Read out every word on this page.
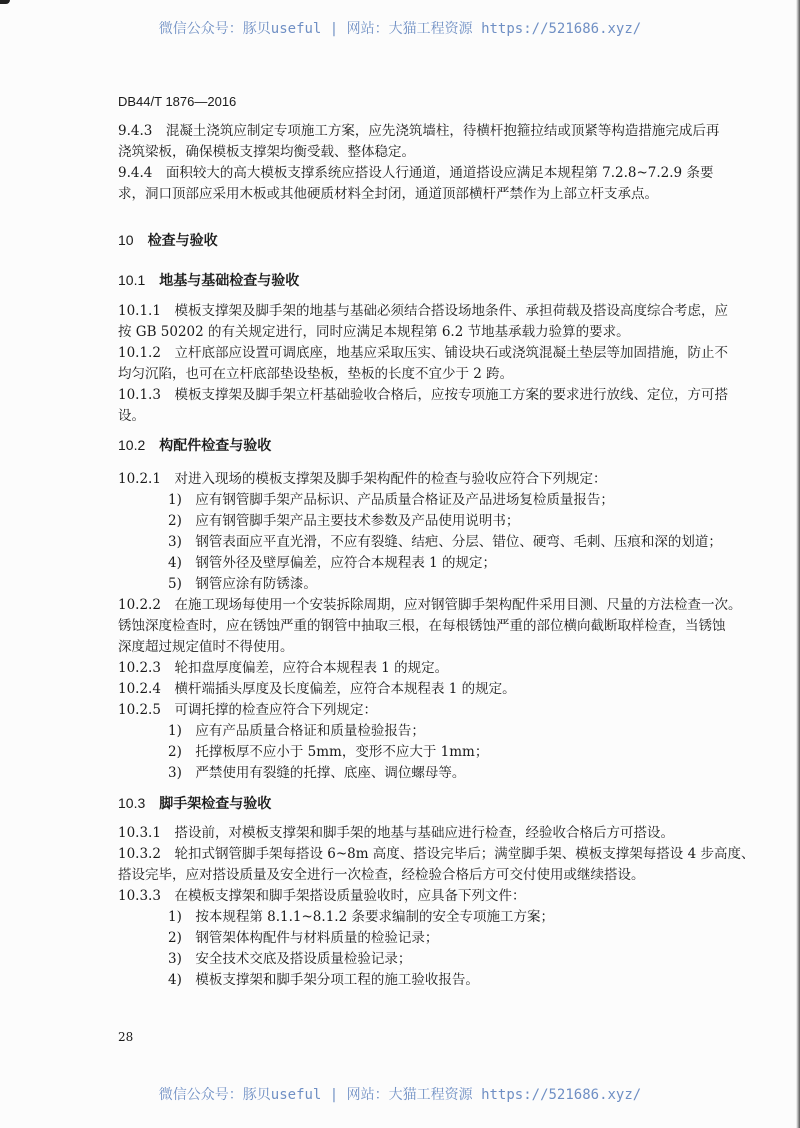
微信公众号：豚贝useful | 网站：大猫工程资源 https://521686.xyz/
DB44/T 1876—2016
9.4.3　混凝土浇筑应制定专项施工方案，应先浇筑墙柱，待横杆抱箍拉结或顶紧等构造措施完成后再
浇筑梁板，确保模板支撑架均衡受载、整体稳定。
9.4.4　面积较大的高大模板支撑系统应搭设人行通道，通道搭设应满足本规程第 7.2.8~7.2.9 条要
求，洞口顶部应采用木板或其他硬质材料全封闭，通道顶部横杆严禁作为上部立杆支承点。
10　检查与验收
10.1　地基与基础检查与验收
10.1.1　模板支撑架及脚手架的地基与基础必须结合搭设场地条件、承担荷载及搭设高度综合考虑，应
按 GB 50202 的有关规定进行，同时应满足本规程第 6.2 节地基承载力验算的要求。
10.1.2　立杆底部应设置可调底座，地基应采取压实、铺设块石或浇筑混凝土垫层等加固措施，防止不
均匀沉陷，也可在立杆底部垫设垫板，垫板的长度不宜少于 2 跨。
10.1.3　模板支撑架及脚手架立杆基础验收合格后，应按专项施工方案的要求进行放线、定位，方可搭
设。
10.2　构配件检查与验收
10.2.1　对进入现场的模板支撑架及脚手架构配件的检查与验收应符合下列规定：
1)　应有钢管脚手架产品标识、产品质量合格证及产品进场复检质量报告；
2)　应有钢管脚手架产品主要技术参数及产品使用说明书；
3)　钢管表面应平直光滑，不应有裂缝、结疤、分层、错位、硬弯、毛刺、压痕和深的划道；
4)　钢管外径及壁厚偏差，应符合本规程表 1 的规定；
5)　钢管应涂有防锈漆。
10.2.2　在施工现场每使用一个安装拆除周期，应对钢管脚手架构配件采用目测、尺量的方法检查一次。
锈蚀深度检查时，应在锈蚀严重的钢管中抽取三根，在每根锈蚀严重的部位横向截断取样检查，当锈蚀
深度超过规定值时不得使用。
10.2.3　轮扣盘厚度偏差，应符合本规程表 1 的规定。
10.2.4　横杆端插头厚度及长度偏差，应符合本规程表 1 的规定。
10.2.5　可调托撑的检查应符合下列规定：
1)　应有产品质量合格证和质量检验报告；
2)　托撑板厚不应小于 5mm，变形不应大于 1mm；
3)　严禁使用有裂缝的托撑、底座、调位螺母等。
10.3　脚手架检查与验收
10.3.1　搭设前，对模板支撑架和脚手架的地基与基础应进行检查，经验收合格后方可搭设。
10.3.2　轮扣式钢管脚手架每搭设 6~8m 高度、搭设完毕后；满堂脚手架、模板支撑架每搭设 4 步高度、
搭设完毕，应对搭设质量及安全进行一次检查，经检验合格后方可交付使用或继续搭设。
10.3.3　在模板支撑架和脚手架搭设质量验收时，应具备下列文件：
1)　按本规程第 8.1.1~8.1.2 条要求编制的安全专项施工方案；
2)　钢管架体构配件与材料质量的检验记录；
3)　安全技术交底及搭设质量检验记录；
4)　模板支撑架和脚手架分项工程的施工验收报告。
28
微信公众号：豚贝useful | 网站：大猫工程资源 https://521686.xyz/
